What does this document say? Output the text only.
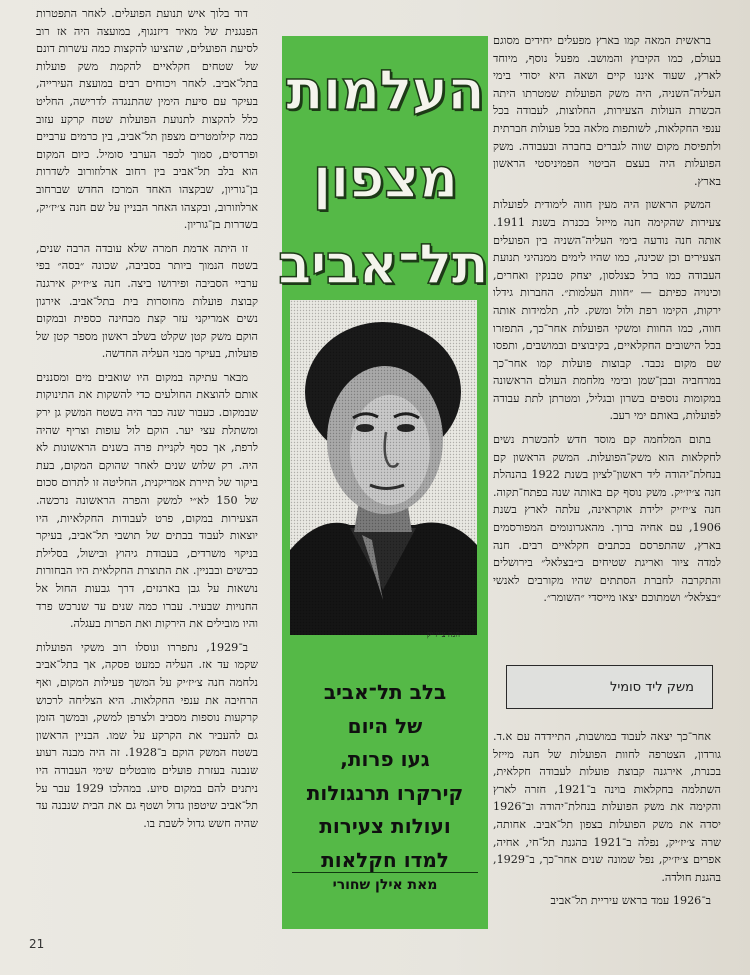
בראשית המאה קמו בארץ מפעלים יחידים מסוגם בעולם, כמו הקיבוץ והמושב. מפעל נוסף, מיוחד לארץ, שעוד איננו קיים ושאה היא יסודי בימי העליה־השניה, היה משק הפועלות שמטרתו היתה הכשרת העולות הצעירות, החלוצות, לעבודה בכל ענפי החקלאות, לשותפות מלאה בכל פעולות חברתית ולתפיסת מקום שווה לגברים בחברה ובעבודה. משק הפועלות היה בעצם הביטוי הפמיניסטי הראשון בארץ.

המשק הראשון היה מעין חווה לימודית לפועלות צעירות שהקימה חנה מייזל בכנרת בשנת 1911. אותה חנה נודעה בימי העליה־השניה בין הפועלים הצעירים וכן שכינה, כמו שהיו לימים ממנהיגי תנועת העבודה כמו ברל כצנלסון, יצחק טבנקין ואחרים, וכינויה כפיתם — ״חוות העלמות״. החברות גידלו ירקות, הקימו רפת ולול ומשק. לה, תלמידות אותה חווה, כמו החוות ומשקי הפועלות אחר־כך, התפזרו בכל הישובים החקלאיים, בקיבוצים ובמושבים, ותפסו שם מקום נכבד. קבוצות פועלות קמו אחר־כך במרחביה ובבן־שמן ובימי מלחמת העולם הראשונה במקומות נוספים בשרון ובגליל, ומטרתן לתת עבודה לפועלות, באותם ימי רעב.

בתום המלחמה קם מוסד חדש להכשרת נשים לחקלאות הוא משק־הפועלות. המשק הראשון קם בנחלת־יהודה ליד ראשון־לציון בשנת 1922 בהנהלת חנה צ׳יז׳יק. משק נוסף קם באותה שנה בפתח־תקוה. חנה צ׳יז׳יק ילידת אוקראינה, עלתה לארץ בשנת 1906, עם אחיה ברוך. מהאגרונומים המפורסמים בארץ, שהתפרסם בכתבים חקלאיים רבים. חנה למדה ציור ואריגת שטיחים ב״בצלאל״ בירושלים והתקרבה לחברת הסתתים שהיו מקורבים לאנשי ״בצלאל״ ושמתוכם יצאו מייסדי ״השומר״.

משק ליד סומיל

אחר־כך יצאה לעבוד במושבות, התיידדה עם א.ד. גורדון, הצטרפה לחוות הפועלות של חנה מייזל בכנרת, אירגנה קבוצת פועלות לעבודה חקלאית, השתלמה בחקלאות בוינה ב־1921, חזרה לארץ והקימה את משק הפועלות בנחלת־יהודה וב־1926 יסדה את משק הפועלות בצפון תל־אביב. אחותה, שרה צ׳יז׳יק, נפלה ב־1921 בהגנת תל־חי, אחיה, אפרים צ׳יז׳יק, נפל שמונה שנים אחר־כך, ב־1929, בהגנת חולדה.

ב־1926 עמד בראש עיריית תל־אביב

העלמות
מצפון
תל־אביב
חנה צ׳יז׳יק
בלב תל־אביב
של היום
געו פרות,
קירקרו תרנגולות
ועולות צעירות
למדו חקלאות
מאת אילן שחורי

דוד בלוך איש תנועת הפועלים. לאחר התפטרות הפנגנית של מאיר דיזנגוף, במועצה היה אז רוב לסיעת הפועלים, שהציעו להקצות כמה עשרות דונם של שטחים חקלאיים להקמת משק פועלות בתל־אביב. לאחר ויכוחים רבים במועצת העירייה, בעיקר עם סיעת הימין שהתנגדה לדרישה, החליט כלל להקצות לתנועת הפועלות שטח קרקע עזוב כמה קילומטרים מצפון תל־אביב, בין כרמים ערביים ופרדסים, סמוך לכפר הערבי סומיל. כיום המקום הוא בלב תל־אביב בין רחוב ארלוזורוב לשדרות בן־גוריון, שבקצהו האחד המרכז החדש שברחוב ארלוזורוב, ובקצהו האחר הבניין על שם חנה צ׳יז׳יק, בשדרות בן־גוריון.

זו היתה אדמת חמרה שלא עובדה הרבה שנים, בשטח הנמוך ביותר בסביבה, שכונה ״בסה״ בפי ערביי הסביבה ופירושו ביצה. חנה צ׳יז׳יק אירגנה קבוצת פועלות מחוסרות בית בתל־אביב. אירגון נשים אמריקני עזר קצת מבחינה כספית ובמקום הוקם משק קטן שקלט בשלב ראשון מספר קטן של פועלות, בעיקר מבני העליה החדשה.

מבאר עתיקה במקום היו שואבים מים ומסננים אותם להוצאת החולעים כדי להשקות את התינוקות שבמקום. כעבור שנה כבר היה בשטח המשק גן ירק ומשתלת עצי יער. הוקם לול עופות וצריף שהיה לרפת, אך כסף לקניית פרה בשנים הראשונות לא היה. רק שלוש שנים לאחר שהוקם המקום, בעת ביקור של תיירת אמריקנית, החליטה זו לתרום סכום של 150 לא״י למשק והפרה הראשונה נרכשה. הצעירות במקום, פרט לעבודות החקלאיות, היו יוצאות לעבוד בבתים של תושבי תל־אביב, בעיקר בניקוי משרדים, בעבודת גיהוץ ובישול, בסלילת כבישים ובבניין. את התוצרת החקלאית היו הבחורות נושאות על גבן בארגזים, דרך גבעות החול אל החנויות שבעיר. עברו כמה שנים עד שנרכש פרד והיו מובילים את הירקות ואת הפרות בעגלה.

ב־1929, נתפררו ונוסלו רוב משקי הפועלות שקמו עד אז. העליה כמעט פסקה, אך בתל־אביב נלחמה חנה צ׳יז׳יק על המשך פעילות המקום, ואף הרחיבה את ענפי החקלאות. היא הצליחה לרכוש קרקעות נוספות מסביב ולצרפן למשק, ובמשך הזמן גם להעביר את הקרקע על שמו. הבניין הראשון בשטח המשק הוקם ב־1928. זה היה מבנה רעוע שנבנה בעזרת פועלים מובטלים שימי העבודה היו ניתנים להם במקום סיוע. במהלכו 1929 עבר על תל־אביב שיטפון גדול ושטף גם את הבית שנבנה עד שהיה חשש גדול לשבת בו.

21
